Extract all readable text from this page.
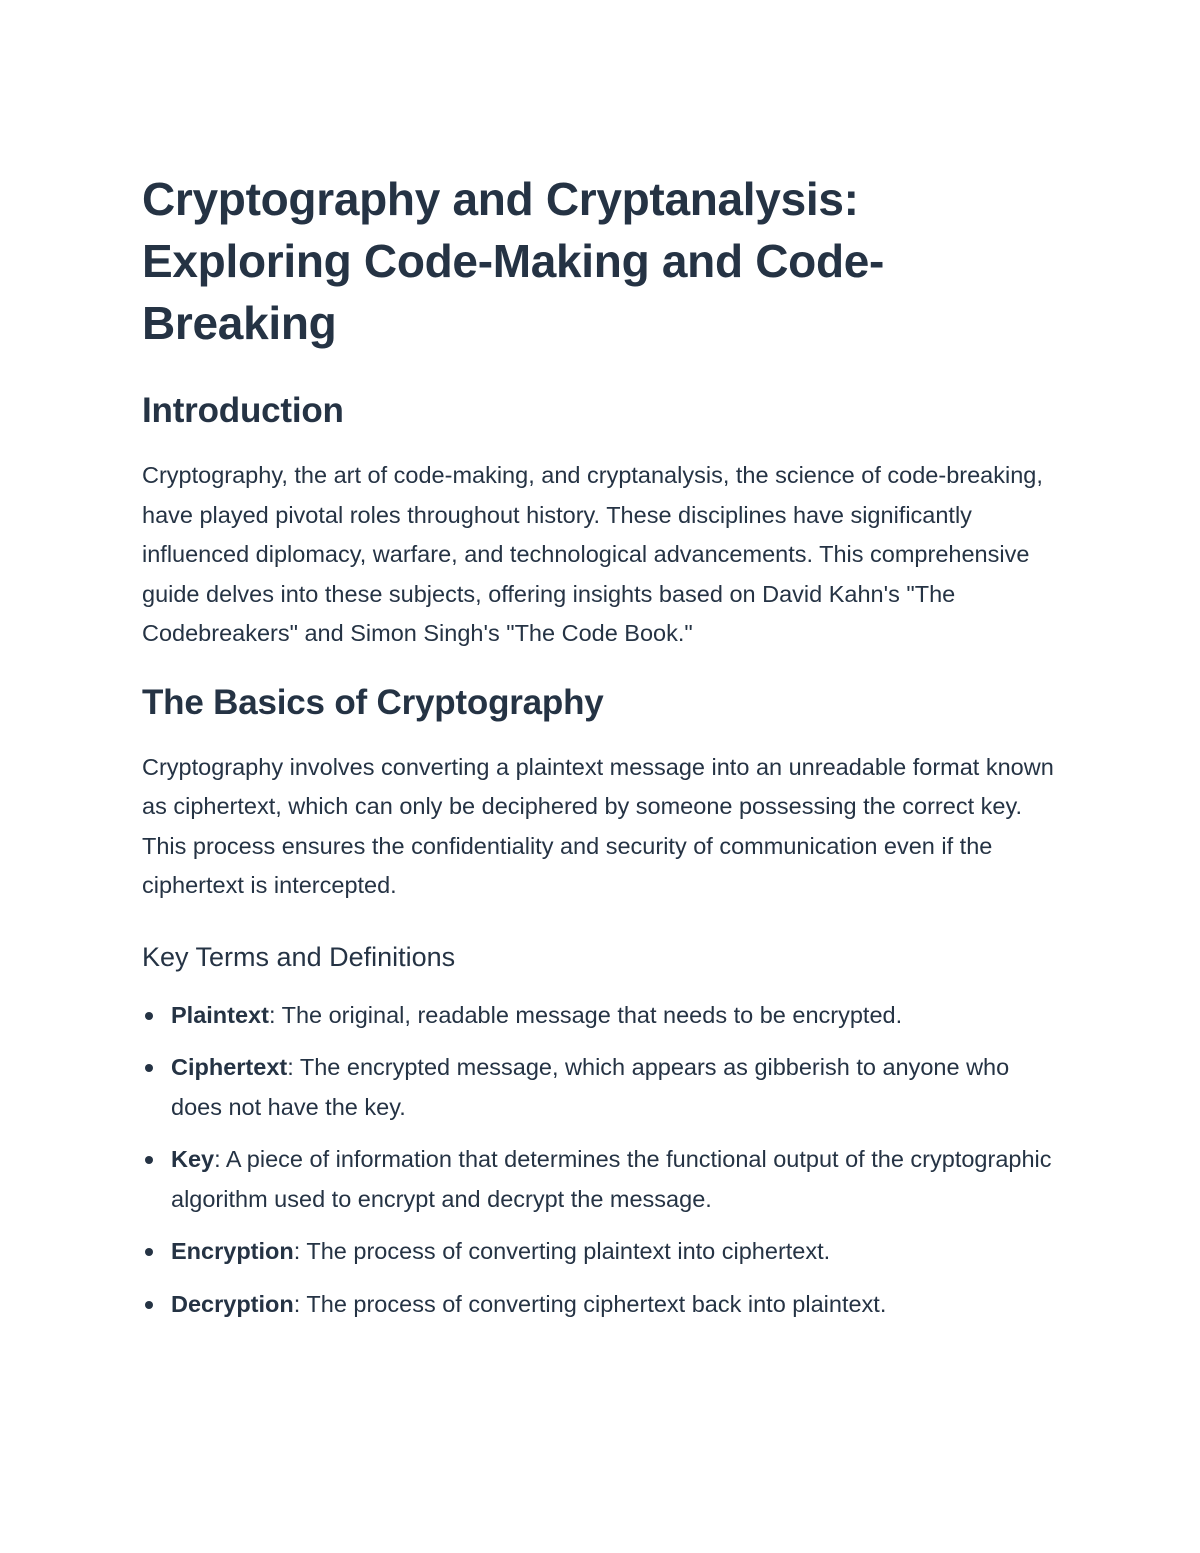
Cryptography and Cryptanalysis: Exploring Code-Making and Code-Breaking
Introduction

Cryptography, the art of code-making, and cryptanalysis, the science of code-breaking, have played pivotal roles throughout history. These disciplines have significantly influenced diplomacy, warfare, and technological advancements. This comprehensive guide delves into these subjects, offering insights based on David Kahn's "The Codebreakers" and Simon Singh's "The Code Book."

The Basics of Cryptography

Cryptography involves converting a plaintext message into an unreadable format known as ciphertext, which can only be deciphered by someone possessing the correct key. This process ensures the confidentiality and security of communication even if the ciphertext is intercepted.

Key Terms and Definitions
Plaintext: The original, readable message that needs to be encrypted.
Ciphertext: The encrypted message, which appears as gibberish to anyone who does not have the key.
Key: A piece of information that determines the functional output of the cryptographic algorithm used to encrypt and decrypt the message.
Encryption: The process of converting plaintext into ciphertext.
Decryption: The process of converting ciphertext back into plaintext.
